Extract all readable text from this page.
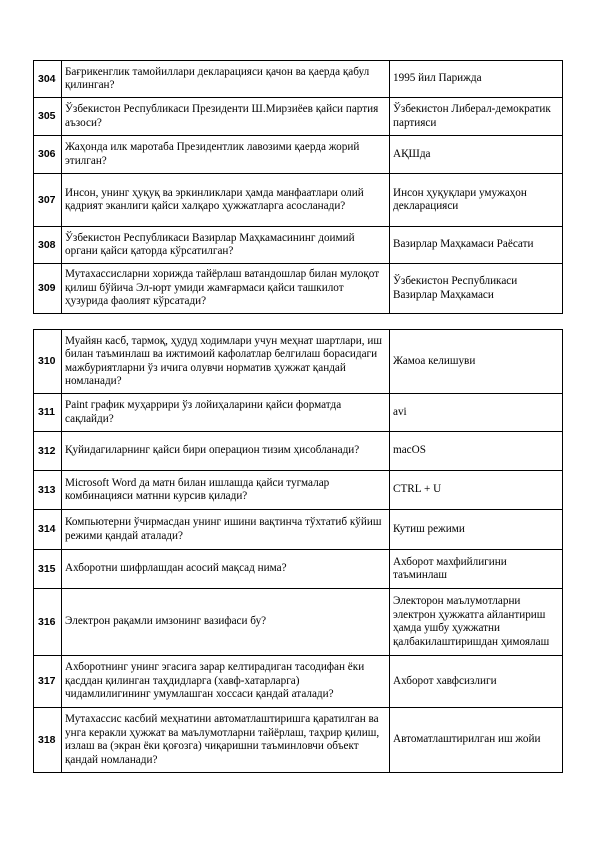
304	Бағрикенглик тамойиллари декларацияси қачон ва қаерда қабул қилинган?	1995 йил Парижда
305	Ўзбекистон Республикаси Президенти Ш.Мирзиёев қайси партия аъзоси?	Ўзбекистон Либерал-демократик партияси
306	Жаҳонда илк маротаба Президентлик лавозими қаерда жорий этилган?	АҚШда
307	Инсон, унинг ҳуқуқ ва эркинликлари ҳамда манфаатлари олий қадрият эканлиги қайси халқаро ҳужжатларга асосланади?	Инсон ҳуқуқлари умужаҳон декларацияси
308	Ўзбекистон Республикаси Вазирлар Маҳкамасининг доимий органи қайси қаторда кўрсатилган?	Вазирлар Маҳкамаси Раёсати
309	Мутахассисларни хорижда тайёрлаш ватандошлар билан мулоқот қилиш бўйича Эл-юрт умиди жамғармаси қайси ташкилот ҳузурида фаолият кўрсатади?	Ўзбекистон Республикаси Вазирлар Маҳкамаси
310	Муайян касб, тармоқ, ҳудуд ходимлари учун меҳнат шартлари, иш билан таъминлаш ва ижтимоий кафолатлар белгилаш борасидаги мажбуриятларни ўз ичига олувчи норматив ҳужжат қандай номланади?	Жамоа келишуви
311	Paint график муҳаррири ўз лойиҳаларини қайси форматда сақлайди?	avi
312	Қуйидагиларнинг қайси бири операцион тизим ҳисобланади?	macOS
313	Microsoft Word да матн билан ишлашда қайси тугмалар комбинацияси матнни курсив қилади?	CTRL + U
314	Компьютерни ўчирмасдан унинг ишини вақтинча тўхтатиб кўйиш режими қандай аталади?	Кутиш режими
315	Ахборотни шифрлашдан асосий мақсад нима?	Ахборот махфийлигини таъминлаш
316	Электрон рақамли имзонинг вазифаси бу?	Электорон маълумотларни электрон ҳужжатга айлантириш ҳамда ушбу ҳужжатни қалбакилаштиришдан ҳимоялаш
317	Ахборотнинг унинг эгасига зарар келтирадиган тасодифан ёки қасддан қилинган таҳдидларга (хавф-хатарларга) чидамлилигининг умумлашган хоссаси қандай аталади?	Ахборот хавфсизлиги
318	Мутахассис касбий меҳнатини автоматлаштиришга қаратилган ва унга керакли ҳужжат ва маълумотларни тайёрлаш, таҳрир қилиш, излаш ва (экран ёки қоғозга) чиқаришни таъминловчи объект қандай номланади?	Автоматлаштирилган иш жойи
